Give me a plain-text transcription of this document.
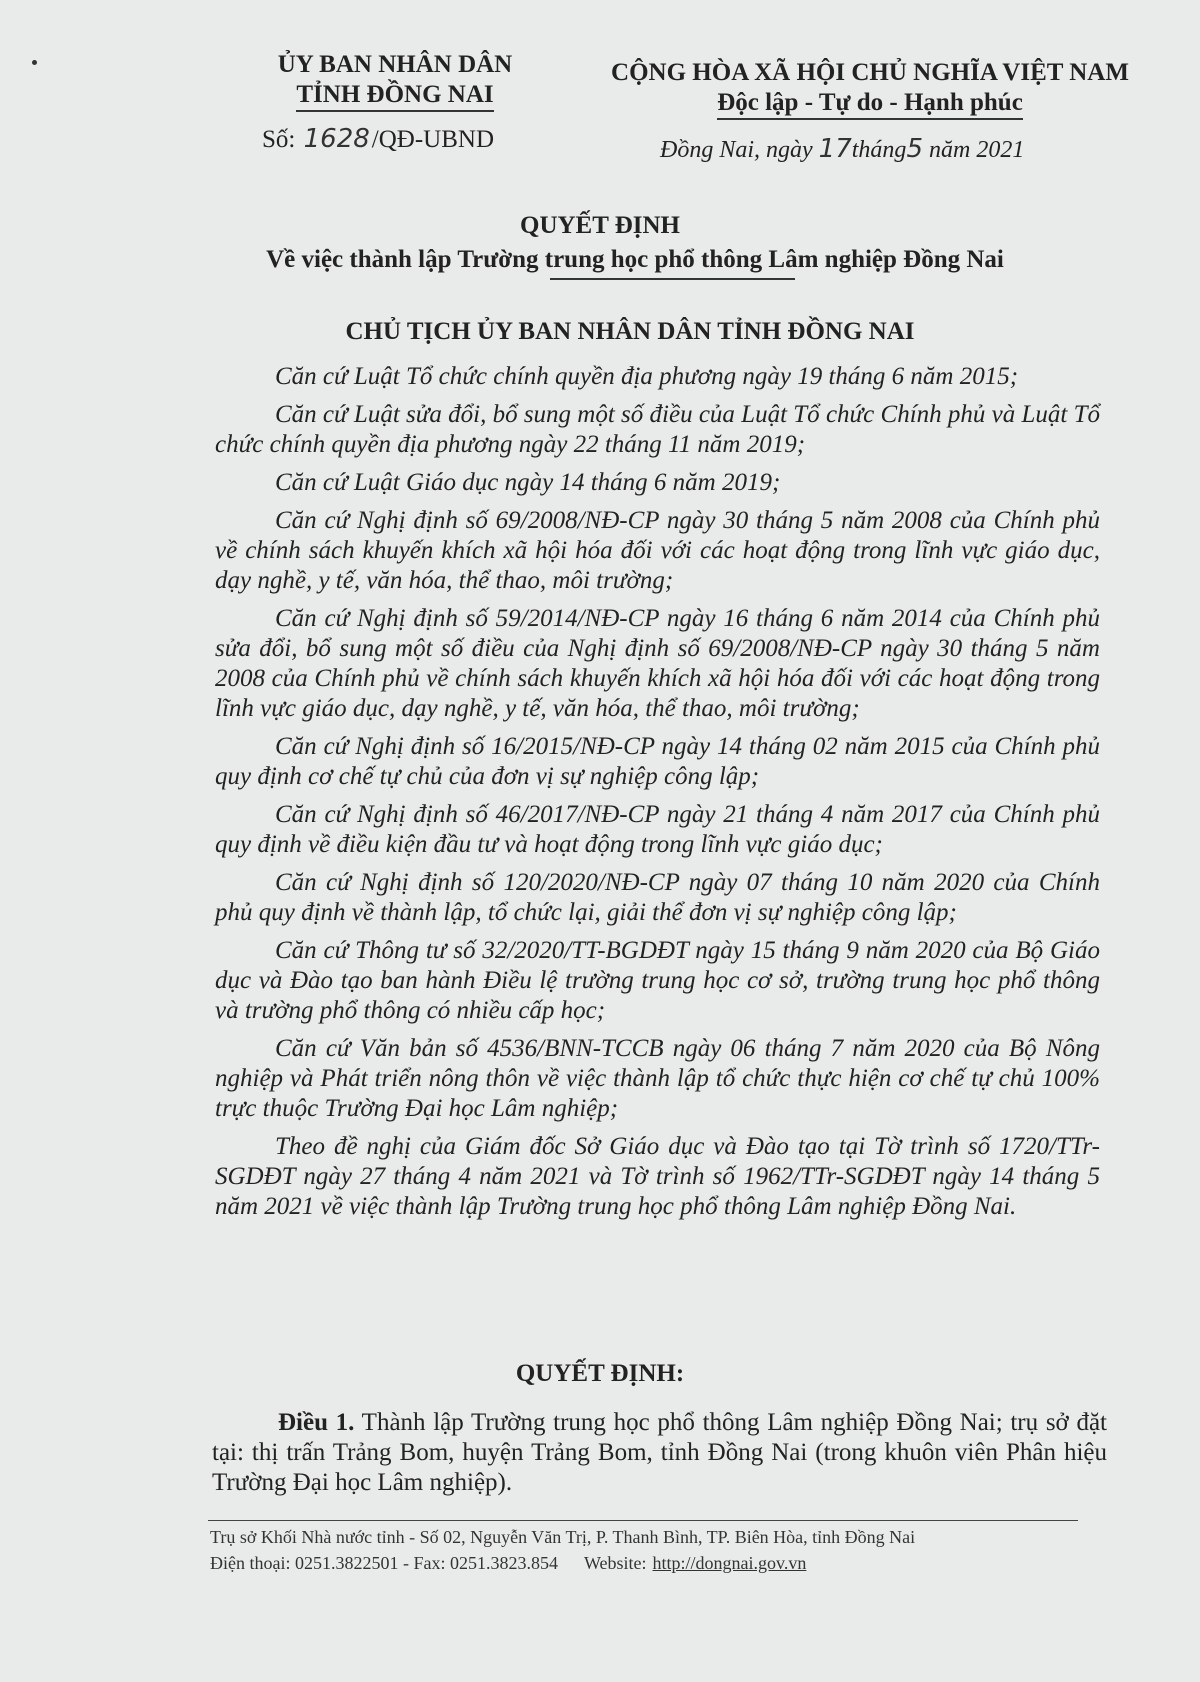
ỦY BAN NHÂN DÂN
TỈNH ĐỒNG NAI
CỘNG HÒA XÃ HỘI CHỦ NGHĨA VIỆT NAM
Độc lập - Tự do - Hạnh phúc
Số: 1628/QĐ-UBND	Đồng Nai, ngày 17tháng5 năm 2021
QUYẾT ĐỊNH
Về việc thành lập Trường trung học phổ thông Lâm nghiệp Đồng Nai
CHỦ TỊCH ỦY BAN NHÂN DÂN TỈNH ĐỒNG NAI

Căn cứ Luật Tổ chức chính quyền địa phương ngày 19 tháng 6 năm 2015;

Căn cứ Luật sửa đổi, bổ sung một số điều của Luật Tổ chức Chính phủ và Luật Tổ chức chính quyền địa phương ngày 22 tháng 11 năm 2019;

Căn cứ Luật Giáo dục ngày 14 tháng 6 năm 2019;

Căn cứ Nghị định số 69/2008/NĐ-CP ngày 30 tháng 5 năm 2008 của Chính phủ về chính sách khuyến khích xã hội hóa đối với các hoạt động trong lĩnh vực giáo dục, dạy nghề, y tế, văn hóa, thể thao, môi trường;

Căn cứ Nghị định số 59/2014/NĐ-CP ngày 16 tháng 6 năm 2014 của Chính phủ sửa đổi, bổ sung một số điều của Nghị định số 69/2008/NĐ-CP ngày 30 tháng 5 năm 2008 của Chính phủ về chính sách khuyến khích xã hội hóa đối với các hoạt động trong lĩnh vực giáo dục, dạy nghề, y tế, văn hóa, thể thao, môi trường;

Căn cứ Nghị định số 16/2015/NĐ-CP ngày 14 tháng 02 năm 2015 của Chính phủ quy định cơ chế tự chủ của đơn vị sự nghiệp công lập;

Căn cứ Nghị định số 46/2017/NĐ-CP ngày 21 tháng 4 năm 2017 của Chính phủ quy định về điều kiện đầu tư và hoạt động trong lĩnh vực giáo dục;

Căn cứ Nghị định số 120/2020/NĐ-CP ngày 07 tháng 10 năm 2020 của Chính phủ quy định về thành lập, tổ chức lại, giải thể đơn vị sự nghiệp công lập;

Căn cứ Thông tư số 32/2020/TT-BGDĐT ngày 15 tháng 9 năm 2020 của Bộ Giáo dục và Đào tạo ban hành Điều lệ trường trung học cơ sở, trường trung học phổ thông và trường phổ thông có nhiều cấp học;

Căn cứ Văn bản số 4536/BNN-TCCB ngày 06 tháng 7 năm 2020 của Bộ Nông nghiệp và Phát triển nông thôn về việc thành lập tổ chức thực hiện cơ chế tự chủ 100% trực thuộc Trường Đại học Lâm nghiệp;

Theo đề nghị của Giám đốc Sở Giáo dục và Đào tạo tại Tờ trình số 1720/TTr-SGDĐT ngày 27 tháng 4 năm 2021 và Tờ trình số 1962/TTr-SGDĐT ngày 14 tháng 5 năm 2021 về việc thành lập Trường trung học phổ thông Lâm nghiệp Đồng Nai.

QUYẾT ĐỊNH:

Điều 1. Thành lập Trường trung học phổ thông Lâm nghiệp Đồng Nai; trụ sở đặt tại: thị trấn Trảng Bom, huyện Trảng Bom, tỉnh Đồng Nai (trong khuôn viên Phân hiệu Trường Đại học Lâm nghiệp).

Trụ sở Khối Nhà nước tỉnh - Số 02, Nguyễn Văn Trị, P. Thanh Bình, TP. Biên Hòa, tỉnh Đồng Nai
Điện thoại: 0251.3822501 - Fax: 0251.3823.854 Website: http://dongnai.gov.vn
